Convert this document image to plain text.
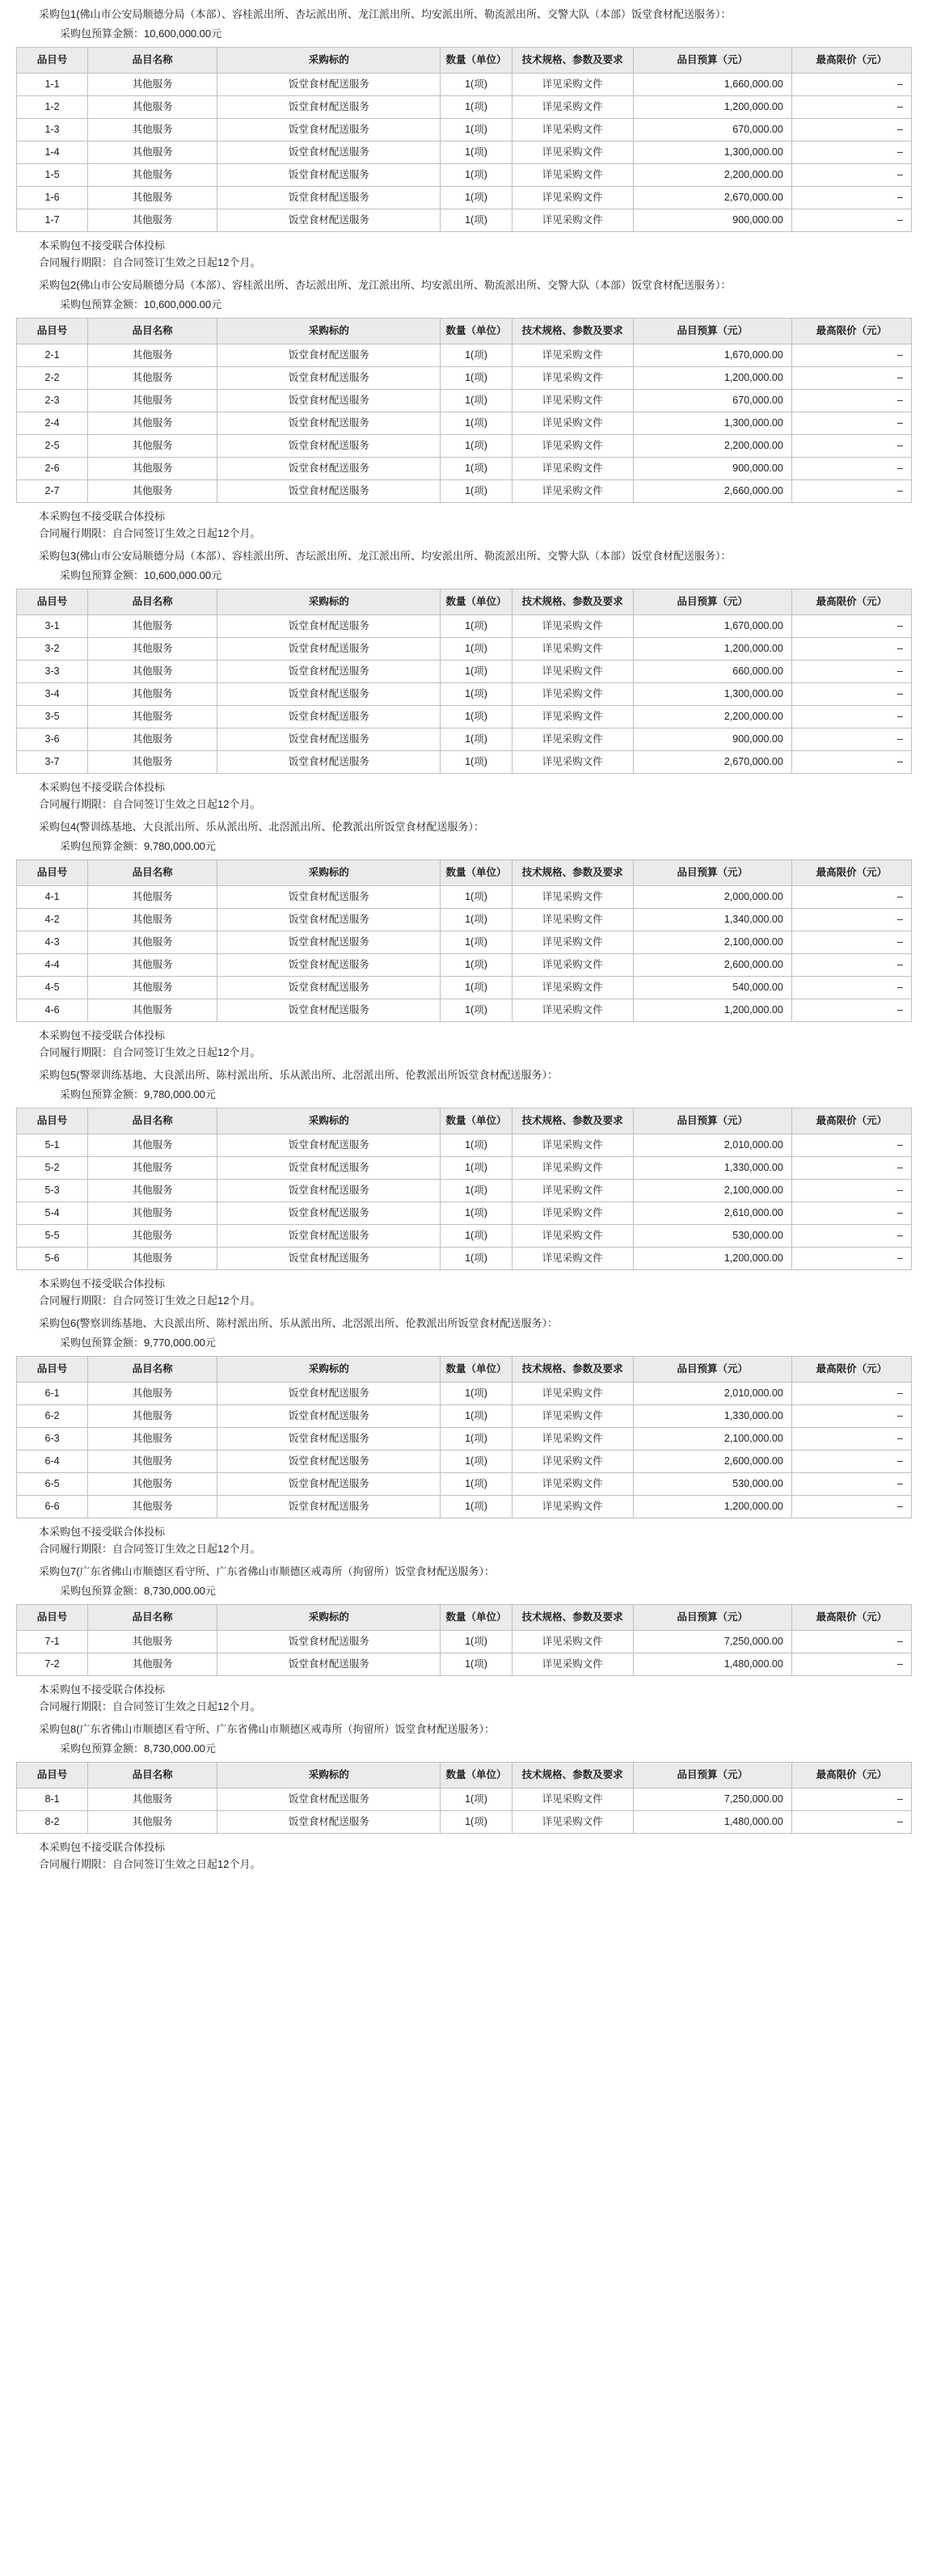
采购包1(佛山市公安局顺德分局（本部）、容桂派出所、杏坛派出所、龙江派出所、均安派出所、勒流派出所、交警大队（本部）饭堂食材配送服务）：
采购包预算金额：10,600,000.00元
品目号	品目名称	采购标的	数量（单位）	技术规格、参数及要求	品目预算（元）	最高限价（元）
1-1	其他服务	饭堂食材配送服务	1(项)	详见采购文件	1,660,000.00	–
1-2	其他服务	饭堂食材配送服务	1(项)	详见采购文件	1,200,000.00	–
1-3	其他服务	饭堂食材配送服务	1(项)	详见采购文件	670,000.00	–
1-4	其他服务	饭堂食材配送服务	1(项)	详见采购文件	1,300,000.00	–
1-5	其他服务	饭堂食材配送服务	1(项)	详见采购文件	2,200,000.00	–
1-6	其他服务	饭堂食材配送服务	1(项)	详见采购文件	2,670,000.00	–
1-7	其他服务	饭堂食材配送服务	1(项)	详见采购文件	900,000.00	–
本采购包不接受联合体投标
合同履行期限：自合同签订生效之日起12个月。
采购包2(佛山市公安局顺德分局（本部）、容桂派出所、杏坛派出所、龙江派出所、均安派出所、勒流派出所、交警大队（本部）饭堂食材配送服务）：
采购包预算金额：10,600,000.00元
品目号	品目名称	采购标的	数量（单位）	技术规格、参数及要求	品目预算（元）	最高限价（元）
2-1	其他服务	饭堂食材配送服务	1(项)	详见采购文件	1,670,000.00	–
2-2	其他服务	饭堂食材配送服务	1(项)	详见采购文件	1,200,000.00	–
2-3	其他服务	饭堂食材配送服务	1(项)	详见采购文件	670,000.00	–
2-4	其他服务	饭堂食材配送服务	1(项)	详见采购文件	1,300,000.00	–
2-5	其他服务	饭堂食材配送服务	1(项)	详见采购文件	2,200,000.00	–
2-6	其他服务	饭堂食材配送服务	1(项)	详见采购文件	900,000.00	–
2-7	其他服务	饭堂食材配送服务	1(项)	详见采购文件	2,660,000.00	–
本采购包不接受联合体投标
合同履行期限：自合同签订生效之日起12个月。
采购包3(佛山市公安局顺德分局（本部）、容桂派出所、杏坛派出所、龙江派出所、均安派出所、勒流派出所、交警大队（本部）饭堂食材配送服务）：
采购包预算金额：10,600,000.00元
品目号	品目名称	采购标的	数量（单位）	技术规格、参数及要求	品目预算（元）	最高限价（元）
3-1	其他服务	饭堂食材配送服务	1(项)	详见采购文件	1,670,000.00	–
3-2	其他服务	饭堂食材配送服务	1(项)	详见采购文件	1,200,000.00	–
3-3	其他服务	饭堂食材配送服务	1(项)	详见采购文件	660,000.00	–
3-4	其他服务	饭堂食材配送服务	1(项)	详见采购文件	1,300,000.00	–
3-5	其他服务	饭堂食材配送服务	1(项)	详见采购文件	2,200,000.00	–
3-6	其他服务	饭堂食材配送服务	1(项)	详见采购文件	900,000.00	–
3-7	其他服务	饭堂食材配送服务	1(项)	详见采购文件	2,670,000.00	–
本采购包不接受联合体投标
合同履行期限：自合同签订生效之日起12个月。
采购包4(警训练基地、大良派出所、乐从派出所、北滘派出所、伦教派出所饭堂食材配送服务）：
采购包预算金额：9,780,000.00元
品目号	品目名称	采购标的	数量（单位）	技术规格、参数及要求	品目预算（元）	最高限价（元）
4-1	其他服务	饭堂食材配送服务	1(项)	详见采购文件	2,000,000.00	–
4-2	其他服务	饭堂食材配送服务	1(项)	详见采购文件	1,340,000.00	–
4-3	其他服务	饭堂食材配送服务	1(项)	详见采购文件	2,100,000.00	–
4-4	其他服务	饭堂食材配送服务	1(项)	详见采购文件	2,600,000.00	–
4-5	其他服务	饭堂食材配送服务	1(项)	详见采购文件	540,000.00	–
4-6	其他服务	饭堂食材配送服务	1(项)	详见采购文件	1,200,000.00	–
本采购包不接受联合体投标
合同履行期限：自合同签订生效之日起12个月。
采购包5(警翠训练基地、大良派出所、陈村派出所、乐从派出所、北滘派出所、伦教派出所饭堂食材配送服务）：
采购包预算金额：9,780,000.00元
品目号	品目名称	采购标的	数量（单位）	技术规格、参数及要求	品目预算（元）	最高限价（元）
5-1	其他服务	饭堂食材配送服务	1(项)	详见采购文件	2,010,000.00	–
5-2	其他服务	饭堂食材配送服务	1(项)	详见采购文件	1,330,000.00	–
5-3	其他服务	饭堂食材配送服务	1(项)	详见采购文件	2,100,000.00	–
5-4	其他服务	饭堂食材配送服务	1(项)	详见采购文件	2,610,000.00	–
5-5	其他服务	饭堂食材配送服务	1(项)	详见采购文件	530,000.00	–
5-6	其他服务	饭堂食材配送服务	1(项)	详见采购文件	1,200,000.00	–
本采购包不接受联合体投标
合同履行期限：自合同签订生效之日起12个月。
采购包6(警察训练基地、大良派出所、陈村派出所、乐从派出所、北滘派出所、伦教派出所饭堂食材配送服务）：
采购包预算金额：9,770,000.00元
品目号	品目名称	采购标的	数量（单位）	技术规格、参数及要求	品目预算（元）	最高限价（元）
6-1	其他服务	饭堂食材配送服务	1(项)	详见采购文件	2,010,000.00	–
6-2	其他服务	饭堂食材配送服务	1(项)	详见采购文件	1,330,000.00	–
6-3	其他服务	饭堂食材配送服务	1(项)	详见采购文件	2,100,000.00	–
6-4	其他服务	饭堂食材配送服务	1(项)	详见采购文件	2,600,000.00	–
6-5	其他服务	饭堂食材配送服务	1(项)	详见采购文件	530,000.00	–
6-6	其他服务	饭堂食材配送服务	1(项)	详见采购文件	1,200,000.00	–
本采购包不接受联合体投标
合同履行期限：自合同签订生效之日起12个月。
采购包7(广东省佛山市顺德区看守所、广东省佛山市顺德区戒毒所（拘留所）饭堂食材配送服务）：
采购包预算金额：8,730,000.00元
品目号	品目名称	采购标的	数量（单位）	技术规格、参数及要求	品目预算（元）	最高限价（元）
7-1	其他服务	饭堂食材配送服务	1(项)	详见采购文件	7,250,000.00	–
7-2	其他服务	饭堂食材配送服务	1(项)	详见采购文件	1,480,000.00	–
本采购包不接受联合体投标
合同履行期限：自合同签订生效之日起12个月。
采购包8(广东省佛山市顺德区看守所、广东省佛山市顺德区戒毒所（拘留所）饭堂食材配送服务）：
采购包预算金额：8,730,000.00元
品目号	品目名称	采购标的	数量（单位）	技术规格、参数及要求	品目预算（元）	最高限价（元）
8-1	其他服务	饭堂食材配送服务	1(项)	详见采购文件	7,250,000.00	–
8-2	其他服务	饭堂食材配送服务	1(项)	详见采购文件	1,480,000.00	–
本采购包不接受联合体投标
合同履行期限：自合同签订生效之日起12个月。
